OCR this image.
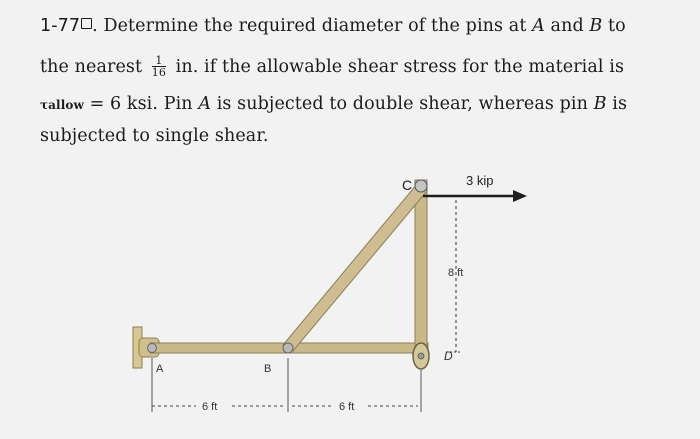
1-77 . Determine the required diameter of the pins at A and B to
the nearest $\frac{1}{16}$ in. if the allowable shear stress for the material is
τallow = 6 ksi. Pin A is subjected to double shear, whereas pin B is
subjected to single shear.
C	3 kip
8 ft
A	B
D
6 ft	6 ft
